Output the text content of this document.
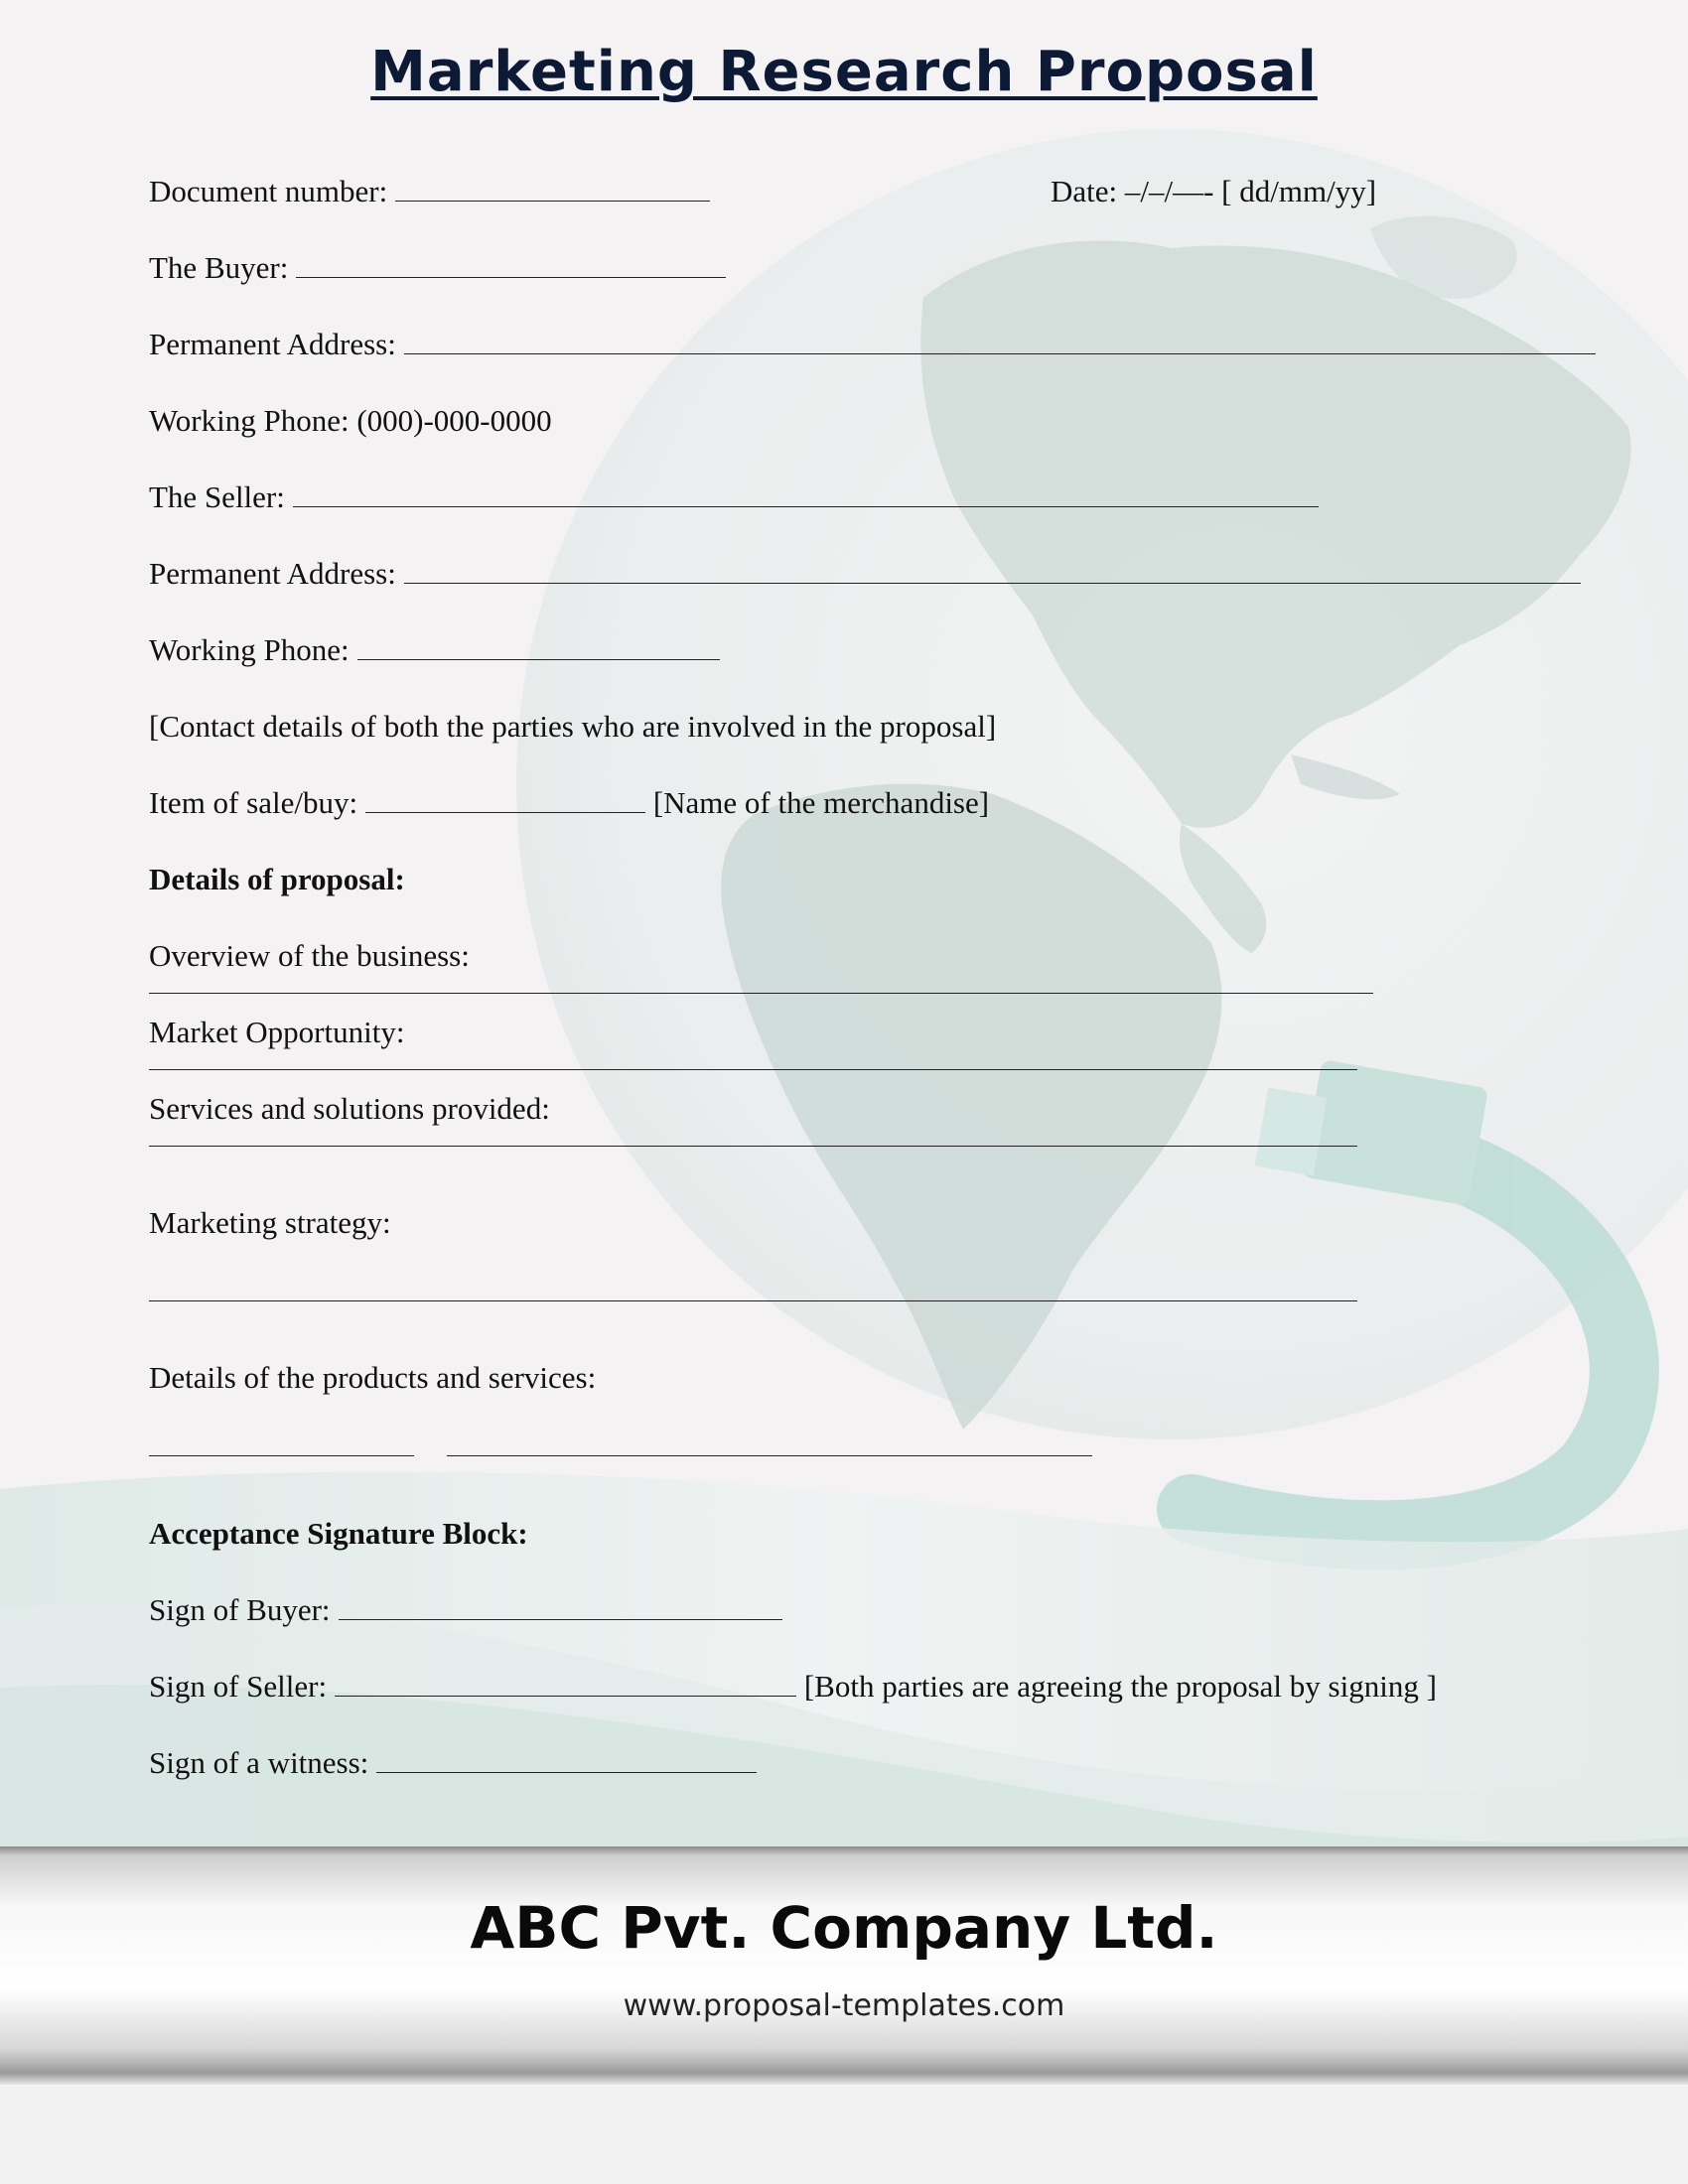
Marketing Research Proposal
Document number:	Date: –/–/—- [ dd/mm/yy]
The Buyer:
Permanent Address:
Working Phone: (000)-000-0000
The Seller:
Permanent Address:
Working Phone:
[Contact details of both the parties who are involved in the proposal]
Item of sale/buy:	[Name of the merchandise]
Details of proposal:
Overview of the business:
Market Opportunity:
Services and solutions provided:
Marketing strategy:
Details of the products and services:
Acceptance Signature Block:
Sign of Buyer:
Sign of Seller:	[Both parties are agreeing the proposal by signing ]
Sign of a witness:
ABC Pvt. Company Ltd.
www.proposal-templates.com
